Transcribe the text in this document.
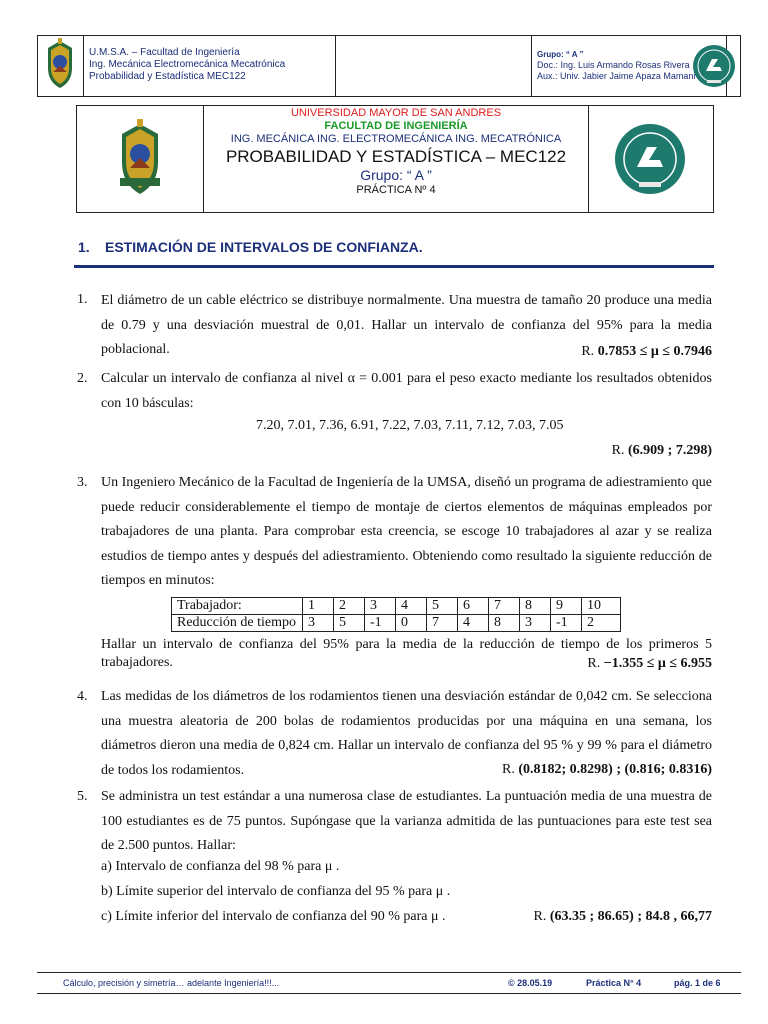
U.M.S.A. – Facultad de Ingeniería
Ing. Mecánica Electromecánica Mecatrónica
Probabilidad y Estadística MEC122
Grupo: “ A ”
Doc.: Ing. Luis Armando Rosas Rivera
Aux.: Univ. Jabier Jaime Apaza Mamani
UNIVERSIDAD MAYOR DE SAN ANDRES
FACULTAD DE INGENIERÍA
ING. MECÁNICA ING. ELECTROMECÁNICA ING. MECATRÓNICA
PROBABILIDAD Y ESTADÍSTICA – MEC122
Grupo: “ A ”
PRÁCTICA Nº 4
1. ESTIMACIÓN DE INTERVALOS DE CONFIANZA.
1. El diámetro de un cable eléctrico se distribuye normalmente. Una muestra de tamaño 20 produce una media de 0.79 y una desviación muestral de 0,01. Hallar un intervalo de confianza del 95% para la media poblacional.	R. 0.7853 ≤ μ ≤ 0.7946
2. Calcular un intervalo de confianza al nivel α = 0.001 para el peso exacto mediante los resultados obtenidos con 10 básculas:
7.20, 7.01, 7.36, 6.91, 7.22, 7.03, 7.11, 7.12, 7.03, 7.05
R. (6.909 ; 7.298)
3. Un Ingeniero Mecánico de la Facultad de Ingeniería de la UMSA, diseñó un programa de adiestramiento que puede reducir considerablemente el tiempo de montaje de ciertos elementos de máquinas empleados por trabajadores de una planta. Para comprobar esta creencia, se escoge 10 trabajadores al azar y se realiza estudios de tiempo antes y después del adiestramiento. Obteniendo como resultado la siguiente reducción de tiempos en minutos:
Trabajador:	1	2	3	4	5	6	7	8	9	10
Reducción de tiempo	3	5	-1	0	7	4	8	3	-1	2
Hallar un intervalo de confianza del 95% para la media de la reducción de tiempo de los primeros 5 trabajadores.	R. −1.355 ≤ μ ≤ 6.955
4. Las medidas de los diámetros de los rodamientos tienen una desviación estándar de 0,042 cm. Se selecciona una muestra aleatoria de 200 bolas de rodamientos producidas por una máquina en una semana, los diámetros dieron una media de 0,824 cm. Hallar un intervalo de confianza del 95 % y 99 % para el diámetro de todos los rodamientos.	R. (0.8182; 0.8298) ; (0.816; 0.8316)
5. Se administra un test estándar a una numerosa clase de estudiantes. La puntuación media de una muestra de 100 estudiantes es de 75 puntos. Supóngase que la varianza admitida de las puntuaciones para este test sea de 2.500 puntos. Hallar:
a) Intervalo de confianza del 98 % para μ .
b) Límite superior del intervalo de confianza del 95 % para μ .
c) Límite inferior del intervalo de confianza del 90 % para μ .	R. (63.35 ; 86.65) ; 84.8 , 66,77
Cálculo, precisión y simetría… adelante Ingeniería!!!...	© 28.05.19	Práctica N° 4	pág. 1 de 6
